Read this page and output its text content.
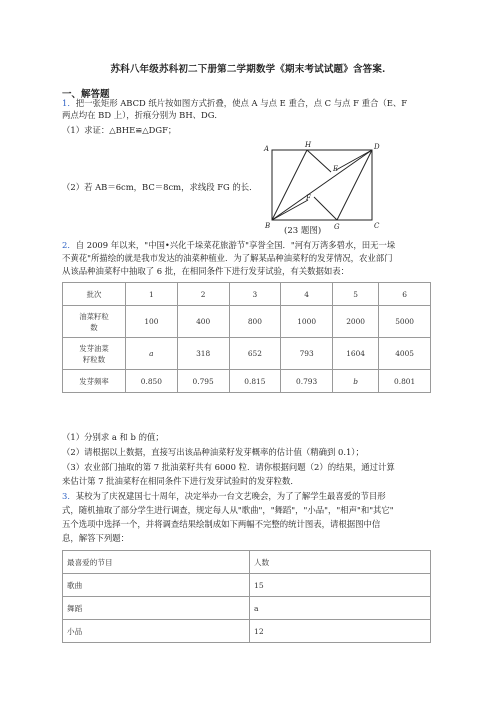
苏科八年级苏科初二下册第二学期数学《期末考试试题》含答案.
一、解答题
1．把一张矩形 ABCD 纸片按如图方式折叠，使点 A 与点 E 重合，点 C 与点 F 重合（E、F
两点均在 BD 上），折痕分别为 BH、DG．
（1）求证：△BHE≌△DGF；
（2）若 AB＝6cm，BC＝8cm，求线段 FG 的长．
A	H	D
E
F
B	G	C
(23 题图)
2．自 2009 年以来，"中国•兴化千垛菜花旅游节"享誉全国．"河有万湾多碧水，田无一垛
不黄花"所描绘的就是我市发达的油菜种植业．为了解某品种油菜籽的发芽情况，农业部门
从该品种油菜籽中抽取了 6 批，在相同条件下进行发芽试验，有关数据如表：
批次	1	2	3	4	5	6
油菜籽粒
数	100	400	800	1000	2000	5000
发芽油菜
籽粒数	a	318	652	793	1604	4005
发芽频率	0.850	0.795	0.815	0.793	b	0.801
（1）分别求 a 和 b 的值；
（2）请根据以上数据，直接写出该品种油菜籽发芽概率的估计值（精确到 0.1）；
（3）农业部门抽取的第 7 批油菜籽共有 6000 粒．请你根据问题（2）的结果，通过计算
来估计第 7 批油菜籽在相同条件下进行发芽试验时的发芽粒数．
3．某校为了庆祝建国七十周年，决定举办一台文艺晚会，为了了解学生最喜爱的节目形
式，随机抽取了部分学生进行调查，规定每人从"歌曲"，"舞蹈"，"小品"，"相声"和"其它"
五个选项中选择一个，并将调查结果绘制成如下两幅不完整的统计图表，请根据图中信
息，解答下列题：
最喜爱的节目	人数
歌曲	15
舞蹈	a
小品	12
